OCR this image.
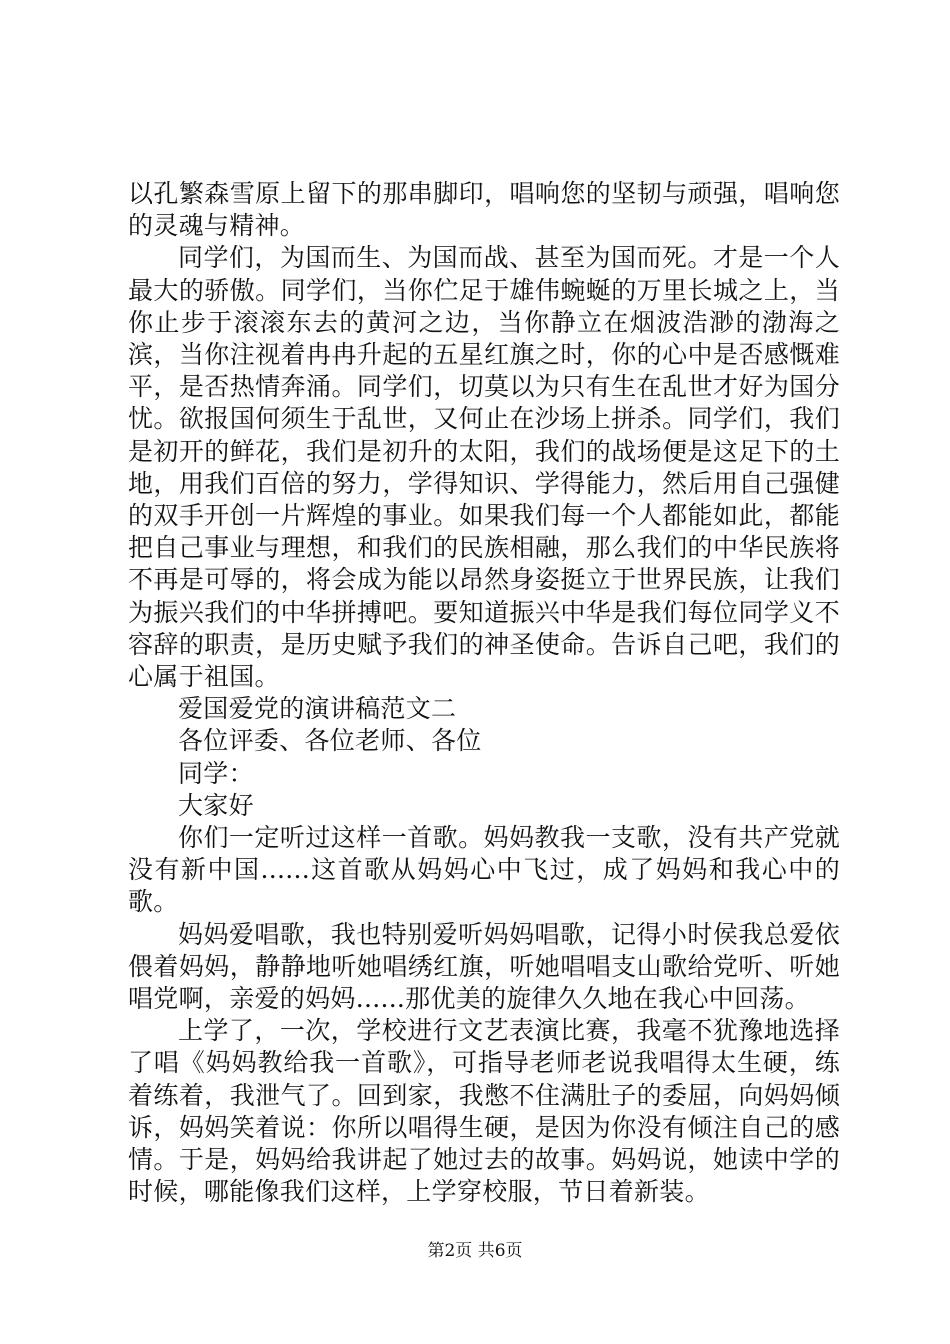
以孔繁森雪原上留下的那串脚印，唱响您的坚韧与顽强，唱响您的灵魂与精神。

同学们，为国而生、为国而战、甚至为国而死。才是一个人最大的骄傲。同学们，当你伫足于雄伟蜿蜒的万里长城之上，当你止步于滚滚东去的黄河之边，当你静立在烟波浩渺的渤海之滨，当你注视着冉冉升起的五星红旗之时，你的心中是否感慨难平，是否热情奔涌。同学们，切莫以为只有生在乱世才好为国分忧。欲报国何须生于乱世，又何止在沙场上拼杀。同学们，我们是初开的鲜花，我们是初升的太阳，我们的战场便是这足下的土地，用我们百倍的努力，学得知识、学得能力，然后用自己强健的双手开创一片辉煌的事业。如果我们每一个人都能如此，都能把自己事业与理想，和我们的民族相融，那么我们的中华民族将不再是可辱的，将会成为能以昂然身姿挺立于世界民族，让我们为振兴我们的中华拼搏吧。要知道振兴中华是我们每位同学义不容辞的职责，是历史赋予我们的神圣使命。告诉自己吧，我们的心属于祖国。

爱国爱党的演讲稿范文二

各位评委、各位老师、各位

同学：

大家好

你们一定听过这样一首歌。妈妈教我一支歌，没有共产党就没有新中国......这首歌从妈妈心中飞过，成了妈妈和我心中的歌。

妈妈爱唱歌，我也特别爱听妈妈唱歌，记得小时侯我总爱依偎着妈妈，静静地听她唱绣红旗，听她唱唱支山歌给党听、听她唱党啊，亲爱的妈妈......那优美的旋律久久地在我心中回荡。

上学了，一次，学校进行文艺表演比赛，我毫不犹豫地选择了唱《妈妈教给我一首歌》，可指导老师老说我唱得太生硬，练着练着，我泄气了。回到家，我憋不住满肚子的委屈，向妈妈倾诉，妈妈笑着说：你所以唱得生硬，是因为你没有倾注自己的感情。于是，妈妈给我讲起了她过去的故事。妈妈说，她读中学的时候，哪能像我们这样，上学穿校服，节日着新装。

第2页 共6页
